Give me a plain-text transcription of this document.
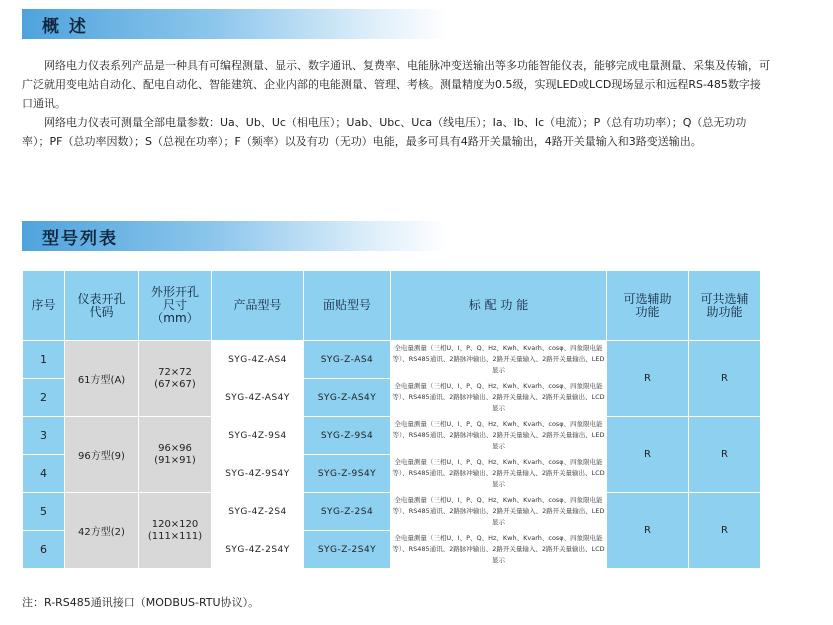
概 述

网络电力仪表系列产品是一种具有可编程测量、显示、数字通讯、复费率、电能脉冲变送输出等多功能智能仪表，能够完成电量测量、采集及传输，可广泛就用变电站自动化、配电自动化、智能建筑、企业内部的电能测量、管理、考核。测量精度为0.5级，实现LED或LCD现场显示和远程RS-485数字接口通讯。

网络电力仪表可测量全部电量参数：Ua、Ub、Uc（相电压）；Uab、Ubc、Uca（线电压）；Ia、Ib、Ic（电流）；P（总有功功率）；Q（总无功功率）；PF（总功率因数）；S（总视在功率）；F（频率）以及有功（无功）电能，最多可具有4路开关量输出，4路开关量输入和3路变送输出。

型号列表
序号	仪表开孔代码	外形开孔尺寸（mm）	产品型号	面贴型号	标 配 功 能	可选辅助功能	可共选辅助功能

1	61方型(A)	72×72
(67×67)	SYG-4Z-AS4	SYG-Z-AS4	全电量测量（三相U、I、P、Q、Hz、Kwh、Kvarh、cosφ、四象限电能等）、RS485通讯、2路脉冲输出、2路开关量输入、2路开关量输出、LED显示	R	R
2			SYG-4Z-AS4Y	SYG-Z-AS4Y	全电量测量（三相U、I、P、Q、Hz、Kwh、Kvarh、cosφ、四象限电能等）、RS485通讯、2路脉冲输出、2路开关量输入、2路开关量输出、LCD显示		
3	96方型(9)	96×96
(91×91)	SYG-4Z-9S4	SYG-Z-9S4	全电量测量（三相U、I、P、Q、Hz、Kwh、Kvarh、cosφ、四象限电能等）、RS485通讯、2路脉冲输出、2路开关量输入、2路开关量输出、LED显示	R	R
4			SYG-4Z-9S4Y	SYG-Z-9S4Y	全电量测量（三相U、I、P、Q、Hz、Kwh、Kvarh、cosφ、四象限电能等）、RS485通讯、2路脉冲输出、2路开关量输入、2路开关量输出、LCD显示		
5	42方型(2)	120×120
(111×111)	SYG-4Z-2S4	SYG-Z-2S4	全电量测量（三相U、I、P、Q、Hz、Kwh、Kvarh、cosφ、四象限电能等）、RS485通讯、2路脉冲输出、2路开关量输入、2路开关量输出、LED显示	R	R
6			SYG-4Z-2S4Y	SYG-Z-2S4Y	全电量测量（三相U、I、P、Q、Hz、Kwh、Kvarh、cosφ、四象限电能等）、RS485通讯、2路脉冲输出、2路开关量输入、2路开关量输出、LCD显示		
注：R-RS485通讯接口（MODBUS-RTU协议）。
